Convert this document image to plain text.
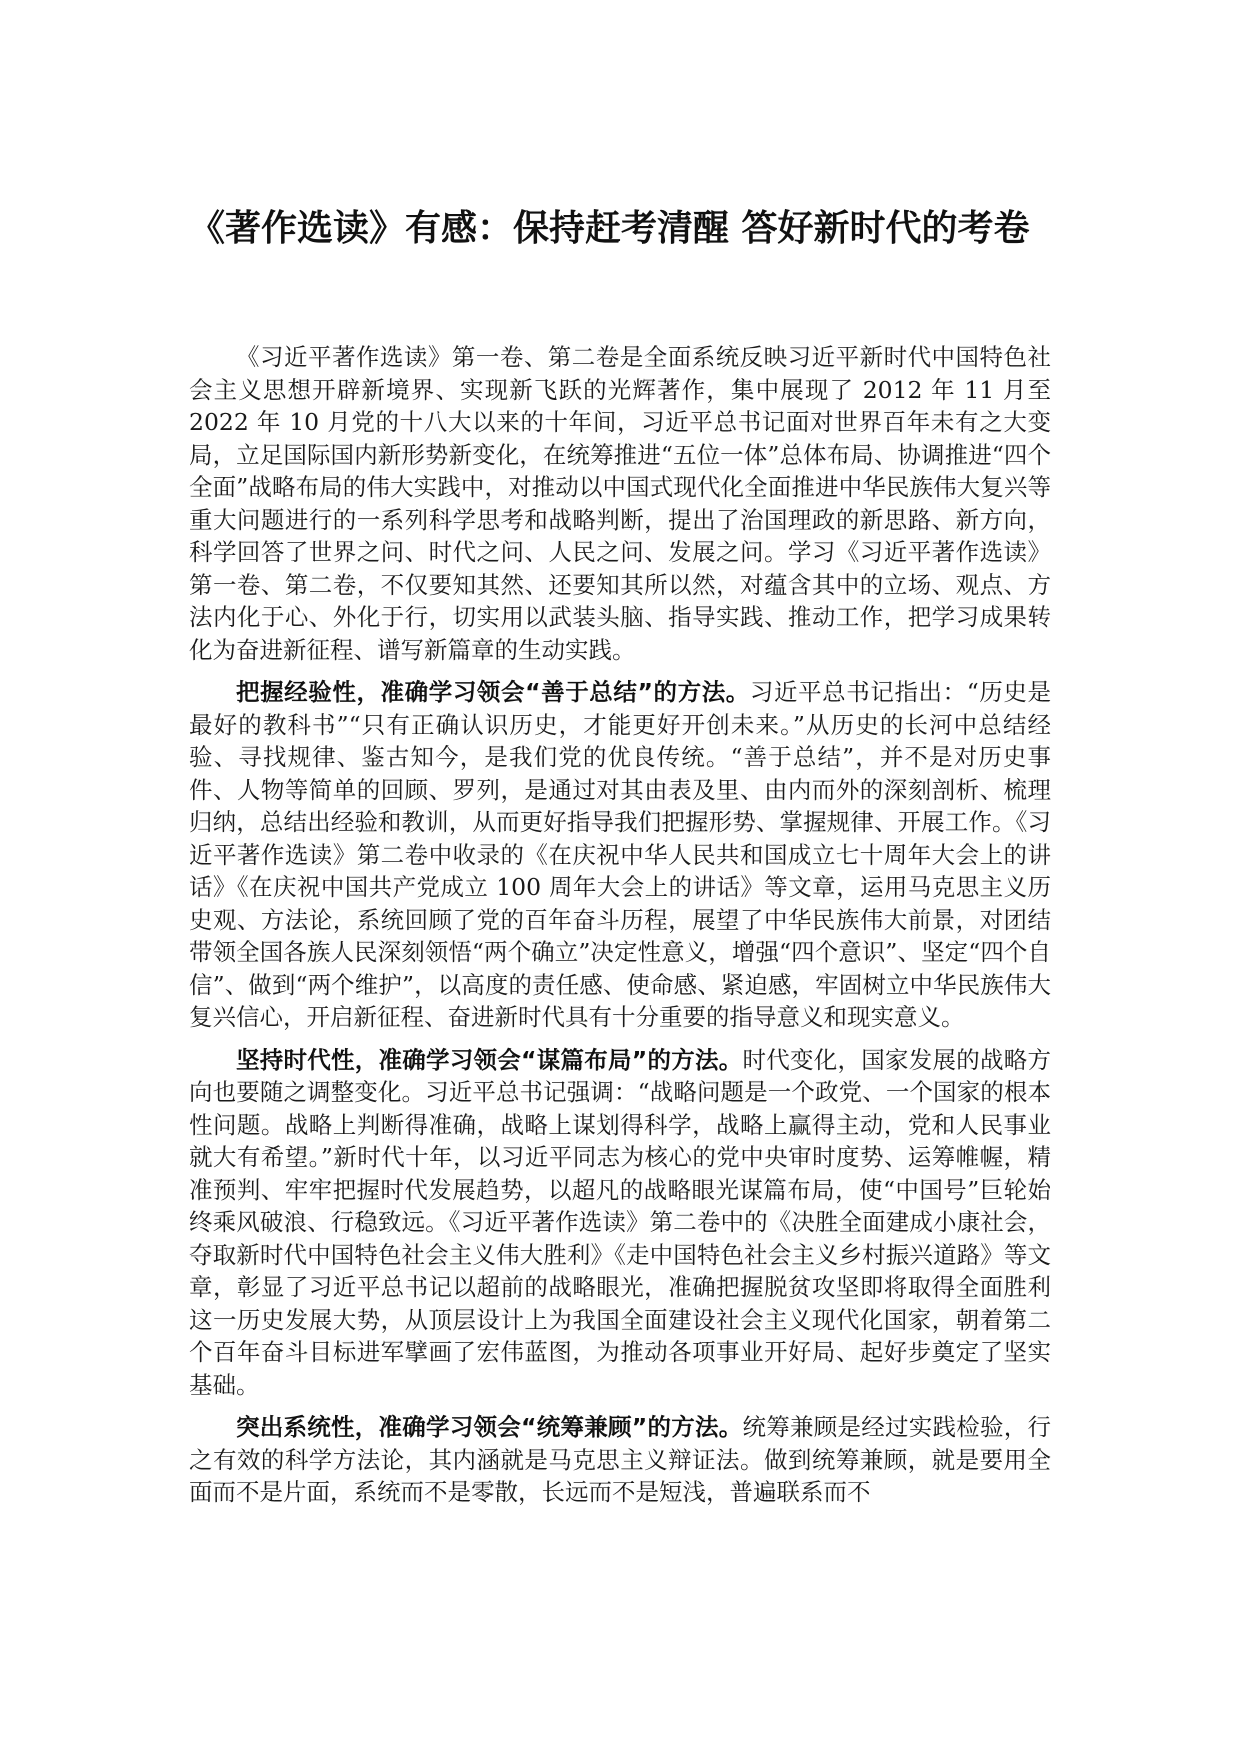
《著作选读》有感：保持赶考清醒 答好新时代的考卷

《习近平著作选读》第一卷、第二卷是全面系统反映习近平新时代中国特色社会主义思想开辟新境界、实现新飞跃的光辉著作，集中展现了 2012 年 11 月至 2022 年 10 月党的十八大以来的十年间，习近平总书记面对世界百年未有之大变局，立足国际国内新形势新变化，在统筹推进“五位一体”总体布局、协调推进“四个全面”战略布局的伟大实践中，对推动以中国式现代化全面推进中华民族伟大复兴等重大问题进行的一系列科学思考和战略判断，提出了治国理政的新思路、新方向，科学回答了世界之问、时代之问、人民之问、发展之问。学习《习近平著作选读》第一卷、第二卷，不仅要知其然、还要知其所以然，对蕴含其中的立场、观点、方法内化于心、外化于行，切实用以武装头脑、指导实践、推动工作，把学习成果转化为奋进新征程、谱写新篇章的生动实践。

把握经验性，准确学习领会“善于总结”的方法。习近平总书记指出：“历史是最好的教科书”“只有正确认识历史，才能更好开创未来。”从历史的长河中总结经验、寻找规律、鉴古知今，是我们党的优良传统。“善于总结”，并不是对历史事件、人物等简单的回顾、罗列，是通过对其由表及里、由内而外的深刻剖析、梳理归纳，总结出经验和教训，从而更好指导我们把握形势、掌握规律、开展工作。《习近平著作选读》第二卷中收录的《在庆祝中华人民共和国成立七十周年大会上的讲话》《在庆祝中国共产党成立 100 周年大会上的讲话》等文章，运用马克思主义历史观、方法论，系统回顾了党的百年奋斗历程，展望了中华民族伟大前景，对团结带领全国各族人民深刻领悟“两个确立”决定性意义，增强“四个意识”、坚定“四个自信”、做到“两个维护”，以高度的责任感、使命感、紧迫感，牢固树立中华民族伟大复兴信心，开启新征程、奋进新时代具有十分重要的指导意义和现实意义。

坚持时代性，准确学习领会“谋篇布局”的方法。时代变化，国家发展的战略方向也要随之调整变化。习近平总书记强调：“战略问题是一个政党、一个国家的根本性问题。战略上判断得准确，战略上谋划得科学，战略上赢得主动，党和人民事业就大有希望。”新时代十年，以习近平同志为核心的党中央审时度势、运筹帷幄，精准预判、牢牢把握时代发展趋势，以超凡的战略眼光谋篇布局，使“中国号”巨轮始终乘风破浪、行稳致远。《习近平著作选读》第二卷中的《决胜全面建成小康社会，夺取新时代中国特色社会主义伟大胜利》《走中国特色社会主义乡村振兴道路》等文章，彰显了习近平总书记以超前的战略眼光，准确把握脱贫攻坚即将取得全面胜利这一历史发展大势，从顶层设计上为我国全面建设社会主义现代化国家，朝着第二个百年奋斗目标进军擘画了宏伟蓝图，为推动各项事业开好局、起好步奠定了坚实基础。

突出系统性，准确学习领会“统筹兼顾”的方法。统筹兼顾是经过实践检验，行之有效的科学方法论，其内涵就是马克思主义辩证法。做到统筹兼顾，就是要用全面而不是片面，系统而不是零散，长远而不是短浅，普遍联系而不
